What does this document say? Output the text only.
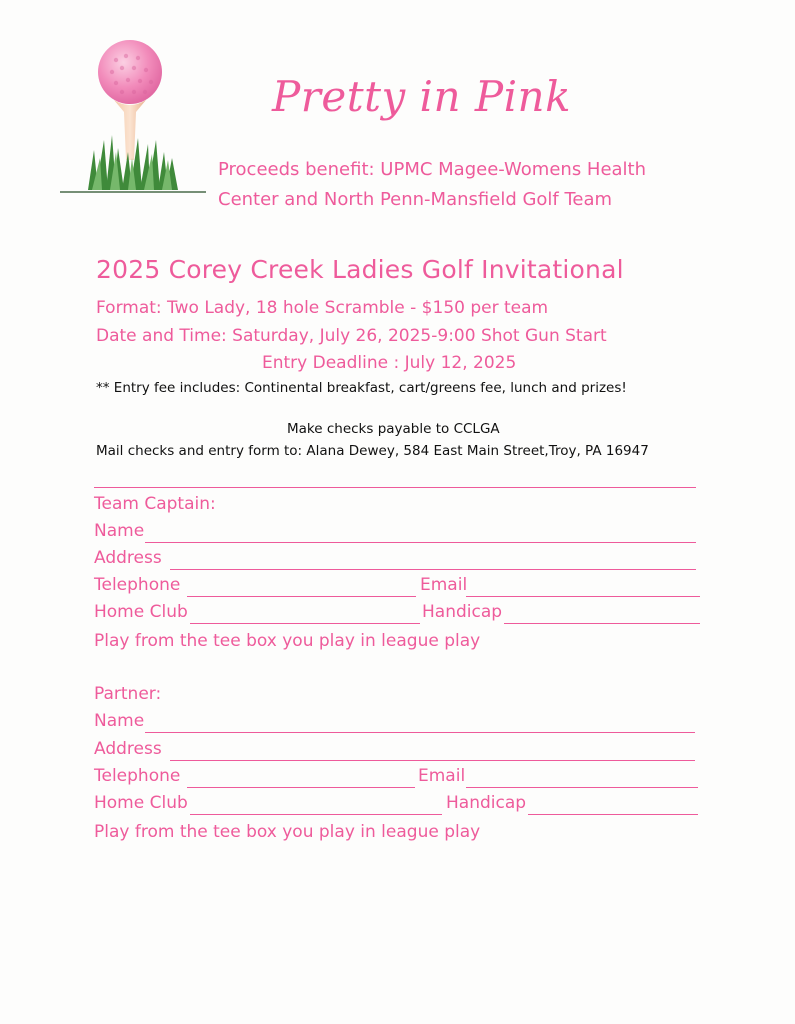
Pretty in Pink
Proceeds benefit: UPMC Magee-Womens Health
Center and North Penn-Mansfield Golf Team
2025 Corey Creek Ladies Golf Invitational
Format: Two Lady, 18 hole Scramble - $150 per team
Date and Time: Saturday, July 26, 2025-9:00 Shot Gun Start
Entry Deadline : July 12, 2025
** Entry fee includes: Continental breakfast, cart/greens fee, lunch and prizes!
Make checks payable to CCLGA
Mail checks and entry form to: Alana Dewey, 584 East Main Street,Troy, PA 16947
Team Captain:
Name
Address
Telephone	Email
Home Club	Handicap
Play from the tee box you play in league play
Partner:
Name
Address
Telephone	Email
Home Club	Handicap
Play from the tee box you play in league play
